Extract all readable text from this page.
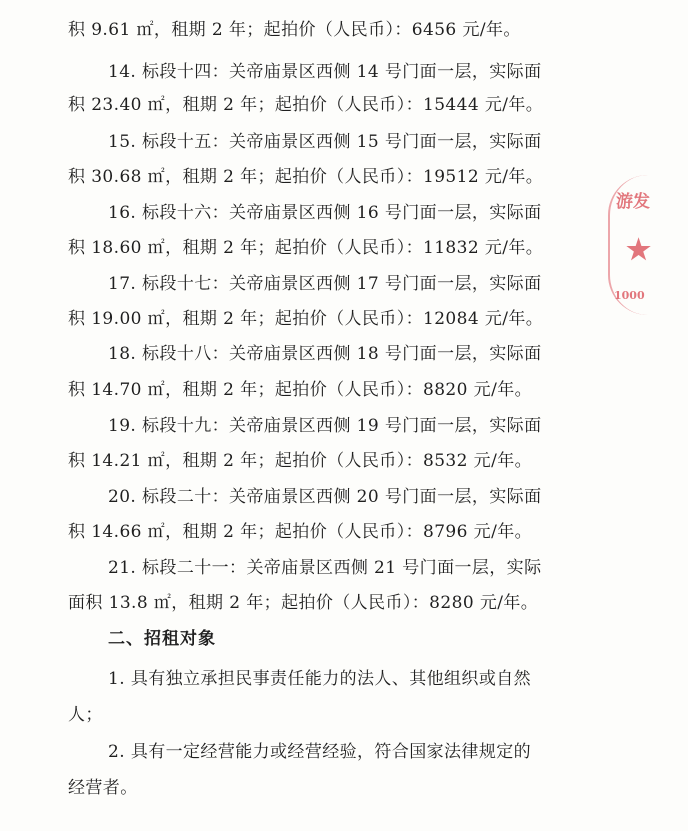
积 9.61 ㎡，租期 2 年；起拍价（人民币）：6456 元/年。
14. 标段十四：关帝庙景区西侧 14 号门面一层，实际面
积 23.40 ㎡，租期 2 年；起拍价（人民币）：15444 元/年。
15. 标段十五：关帝庙景区西侧 15 号门面一层，实际面
积 30.68 ㎡，租期 2 年；起拍价（人民币）：19512 元/年。
16. 标段十六：关帝庙景区西侧 16 号门面一层，实际面
积 18.60 ㎡，租期 2 年；起拍价（人民币）：11832 元/年。
17. 标段十七：关帝庙景区西侧 17 号门面一层，实际面
积 19.00 ㎡，租期 2 年；起拍价（人民币）：12084 元/年。
18. 标段十八：关帝庙景区西侧 18 号门面一层，实际面
积 14.70 ㎡，租期 2 年；起拍价（人民币）：8820 元/年。
19. 标段十九：关帝庙景区西侧 19 号门面一层，实际面
积 14.21 ㎡，租期 2 年；起拍价（人民币）：8532 元/年。
20. 标段二十：关帝庙景区西侧 20 号门面一层，实际面
积 14.66 ㎡，租期 2 年；起拍价（人民币）：8796 元/年。
21. 标段二十一：关帝庙景区西侧 21 号门面一层，实际
面积 13.8 ㎡，租期 2 年；起拍价（人民币）：8280 元/年。
二、招租对象
1. 具有独立承担民事责任能力的法人、其他组织或自然
人；
2. 具有一定经营能力或经营经验，符合国家法律规定的
经营者。
游发
★
1000
